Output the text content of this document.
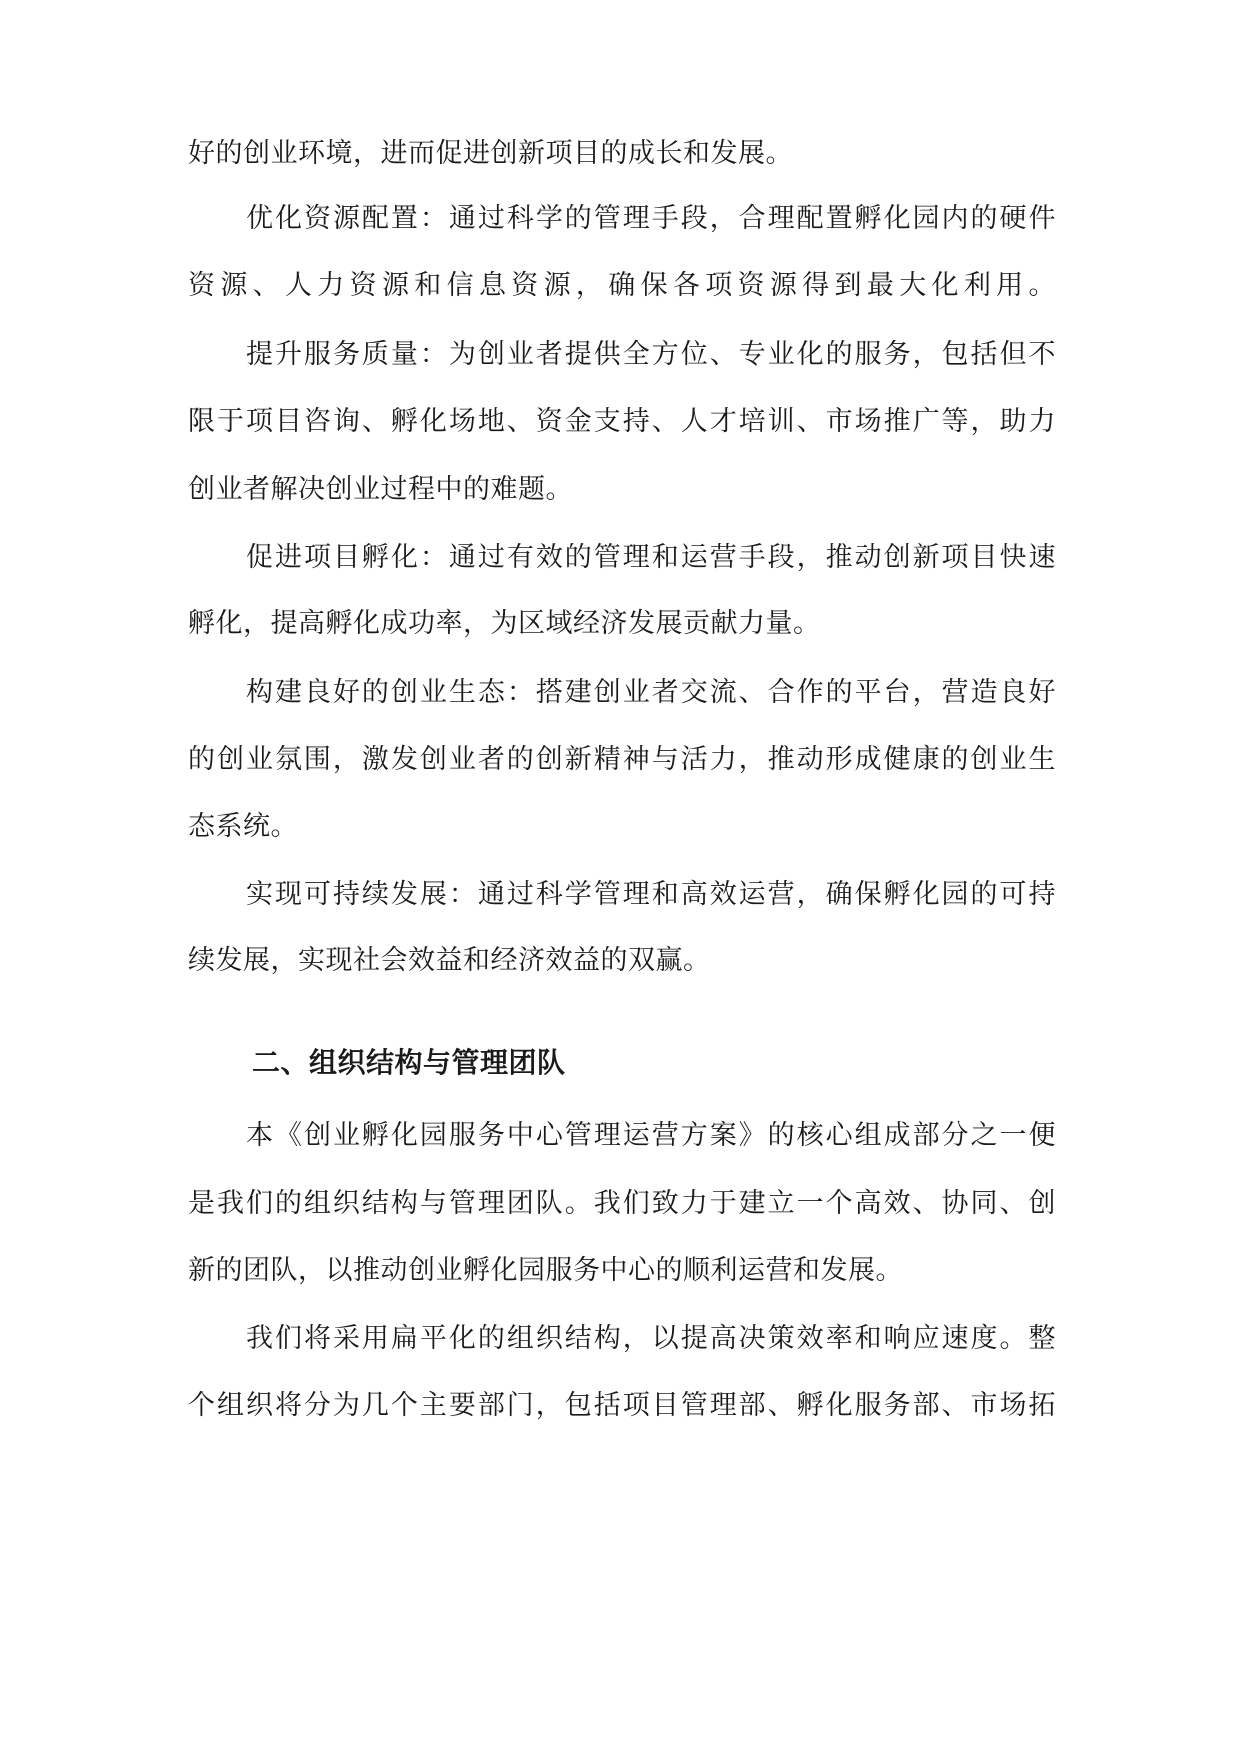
好的创业环境，进而促进创新项目的成长和发展。
优化资源配置：通过科学的管理手段，合理配置孵化园内的硬件
资源、人力资源和信息资源，确保各项资源得到最大化利用。
提升服务质量：为创业者提供全方位、专业化的服务，包括但不
限于项目咨询、孵化场地、资金支持、人才培训、市场推广等，助力
创业者解决创业过程中的难题。
促进项目孵化：通过有效的管理和运营手段，推动创新项目快速
孵化，提高孵化成功率，为区域经济发展贡献力量。
构建良好的创业生态：搭建创业者交流、合作的平台，营造良好
的创业氛围，激发创业者的创新精神与活力，推动形成健康的创业生
态系统。
实现可持续发展：通过科学管理和高效运营，确保孵化园的可持
续发展，实现社会效益和经济效益的双赢。
二、组织结构与管理团队
本《创业孵化园服务中心管理运营方案》的核心组成部分之一便
是我们的组织结构与管理团队。我们致力于建立一个高效、协同、创
新的团队，以推动创业孵化园服务中心的顺利运营和发展。
我们将采用扁平化的组织结构，以提高决策效率和响应速度。整
个组织将分为几个主要部门，包括项目管理部、孵化服务部、市场拓
